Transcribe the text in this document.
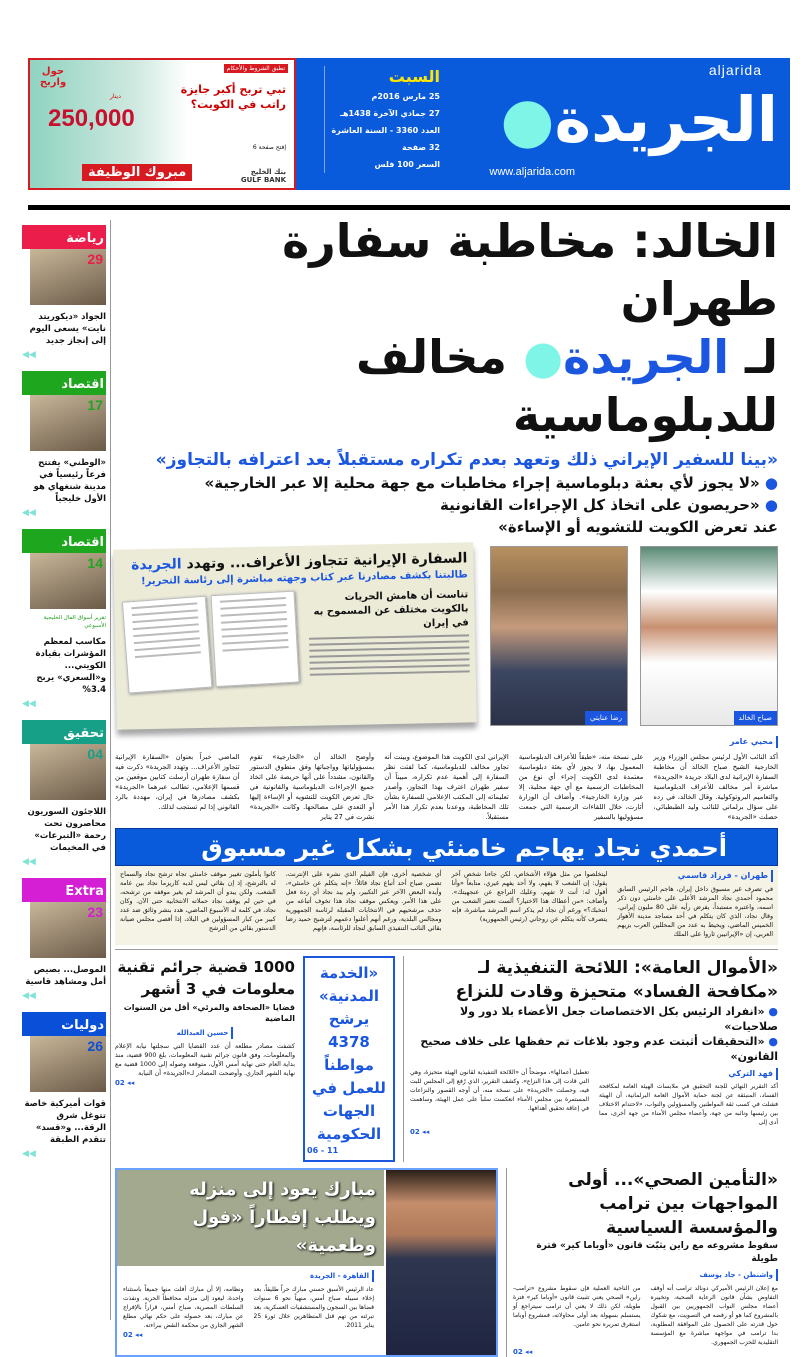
تطبق الشروط والأحكام
حول واربح
دينار
250,000
تبي تربح أكبر جايزة راتب في الكويت؟
إفتح صفحة 6
مبروك الوظيفة	بنك الخليج
GULF BANK
aljarida
الجريدة●
www.aljarida.com
السبت
25 مارس 2016م
27 جمادي الآخرة 1438هـ
العدد 3360 - السنة العاشرة
32 صفحة
السعر 100 فلس
رياضة
29
الجواد «ديكوريتد نايت» يسعى اليوم إلى إنجاز جديد
◀◀
اقتصاد
17
«الوطني» يفتتح فرعاً رئيسياً في مدينة شنغهاي هو الأول خليجياً
◀◀
اقتصاد
14
تقرير أسواق المال الخليجية الأسبوعي
مكاسب لمعظم المؤشرات بقيادة الكويتي... و«السعري» يربح 3.4%
◀◀
تحقيق
04
اللاجئون السوريون محاصرون تحت رحمة «التبرعات» في المخيمات
◀◀
Extra
23
الموصل... بصيص أمل ومشاهد قاسية
◀◀
دوليات
26
قوات أميركية خاصة تتوغل شرق الرقة... و«قسد» تتقدم الطبقة
◀◀
الخالد: مخاطبة سفارة طهران
لـ الجريدة● مخالف للدبلوماسية
«بينا للسفير الإيراني ذلك وتعهد بعدم تكراره مستقبلاً بعد اعترافه بالتجاوز»
● «لا يجوز لأي بعثة دبلوماسية إجراء مخاطبات مع جهة محلية إلا عبر الخارجية»
● «حريصون على اتخاذ كل الإجراءات القانونية
عند تعرض الكويت للتشويه أو الإساءة»
صباح الخالد
رضا عنايتي
السفارة الإيرانية تتجاوز الأعراف... وتهدد الجريدة
طالبتنا بكشف مصادرنا عبر كتاب وجهته مباشرة إلى رئاسة التحرير!
تناست أن هامش الحريات بالكويت مختلف عن المسموح به في إيران
محيي عامر

أكد النائب الأول لرئيس مجلس الوزراء وزير الخارجية الشيخ صباح الخالد أن مخاطبة السفارة الإيرانية لدى البلاد جريدة «الجريدة» مباشرة أمر مخالف للأعراف الدبلوماسية والتعاميم البروتوكولية. وقال الخالد، في رده على سؤال برلماني للنائب وليد الطبطبائي، حصلت «الجريدة»

على نسخة منه، «طبقاً للأعراف الدبلوماسية المعمول بها، لا يجوز لأي بعثة دبلوماسية معتمدة لدى الكويت إجراء أي نوع من المخاطبات الرسمية مع أي جهة محلية، إلا عبر وزارة الخارجية». وأضاف أن الوزارة أثارت، خلال اللقاءات الرسمية التي جمعت مسؤوليها بالسفير

الإيراني لدى الكويت هذا الموضوع، وبينت أنه تجاوز مخالف للدبلوماسية، كما لفتت نظر السفارة إلى أهمية عدم تكراره، مبيناً أن سفير طهران اعترف بهذا التجاوز، وأصدر تعليماته إلى المكتب الإعلامي للسفارة بشأن تلك المخاطبة، ووعدنا بعدم تكرار هذا الأمر مستقبلاً.

وأوضح الخالد أن «الخارجية» تقوم بمسؤولياتها وواجباتها وفق منطوق الدستور والقانون، مشدداً على أنها حريصة على اتخاذ جميع الإجراءات الدبلوماسية والقانونية في حال تعرض الكويت للتشويه أو الإساءة إليها أو التعدي على مصالحها. وكانت «الجريدة» نشرت في 27 يناير

الماضي خبراً بعنوان «السفارة الإيرانية تتجاوز الأعراف... وتهدد الجريدة» ذكرت فيه أن سفارة طهران أرسلت كتابين موقعين من قسمها الإعلامي، تطالب عبرهما «الجريدة» بكشف مصادرها في إيران، مهددة بالرد القانوني إذا لم تستجب لذلك.

أحمدي نجاد يهاجم خامنئي بشكل غير مسبوق
طهران - فرزاد قاسمي

في تصرف غير مسبوق داخل إيران، هاجم الرئيس السابق محمود أحمدي نجاد المرشد الأعلى علي خامنئي دون ذكر اسمه، واعتبره مستبداً، يفرض رأيه على 80 مليون إيراني. وقال نجاد، الذي كان يتكلم في أحد مساجد مدينة الأهواز الخميس الماضي، ويحيط به عدد من المحللين العرب بزيهم العربي، إن «الإيرانيين ثاروا على الملك

ليتخلصوا من مثل هؤلاء الأشخاص، لكن جاءنا شخص آخر يقول: إن الشعب لا يفهم، ولا أحد يفهم غيري، متابعاً «وأنا أقول له: أنت لا تفهم، وعليك التراجع عن عنجهيتك». وأضاف: «من أعطاك هذا الاختيار؟ ألست تعتبر الشعب من انتخبك؟» ورغم أن نجاد لم يذكر اسم المرشد مباشرة، فإنه يتصرف كأنه يتكلم عن روحاني (رئيس الجمهورية)

أي شخصية أخرى، فإن الفيلم الذي نشره على الإنترنت، تضمن صياح أحد أتباع نجاد قائلاً: «إنه يتكلم عن خامنئي»، وأيده البعض الآخر عبر التكبير، ولم يبد نجاد أي ردة فعل على هذا الأمر. ويعكس موقف نجاد هذا تخوف أتباعه من حذف مرشحيهم في الانتخابات المقبلة لرئاسة الجمهورية ومجالس البلدية، ورغم أنهم أعلنوا دعمهم لترشيح حميد رضا بقائي النائب التنفيذي السابق لنجاد للرئاسة، فإنهم

كانوا يأملون تغيير موقف خامنئي تجاه ترشح نجاد والسماح له بالترشح، إذ إن بقائي ليس لديه كاريزما نجاد بين عامة الشعب. ولكن يبدو أن المرشد لم يغير موقفه من ترشحه، في حين لم يوقف نجاد حملاته الانتخابية حتى الآن. وكان نجاد، في كلمة له الأسبوع الماضي، هدد بنشر وثائق ضد عدد كبير من كبار المسؤولين في البلاد، إذا أقصى مجلس صيانة الدستور بقائي من الترشح

«الأموال العامة»: اللائحة التنفيذية لـ «مكافحة الفساد» متحيزة وقادت للنزاع
● «انفراد الرئيس بكل الاختصاصات جعل الأعضاء بلا دور ولا صلاحيات»
● «التحقيقات أثبتت عدم وجود بلاغات تم حفظها على خلاف صحيح القانون»
فهد التركي

أكد التقرير النهائي للجنة التحقيق في ملابسات الهيئة العامة لمكافحة الفساد، المنبثقة عن لجنة حماية الأموال العامة البرلمانية، أن الهيئة فشلت في كسب ثقة المواطنين والمسؤولين والنواب، «لاحتدام الاختلاف بين رئيسها ونائبه من جهة، وأعضاء مجلس الأمناء من جهة أخرى، مما أدى إلى

تعطيل أعمالها»، موضحاً أن «اللائحة التنفيذية لقانون الهيئة متحيزة، وهي التي قادت إلى هذا النزاع». وكشف التقرير، الذي رُفع إلى المجلس للبت فيه، وحصلت «الجريدة» على نسخة منه، أن أوجه القصور والنزاعات المستمرة بين مجلس الأمناء انعكست سلباً على عمل الهيئة، وساهمت في إعاقة تحقيق أهدافها.

◂◂ 02
«الخدمة المدنية» يرشح 4378 مواطناً للعمل في الجهات الحكومية
11 - 06
1000 قضية جرائم تقنية معلومات في 3 أشهر
قضايا «الصحافة والمرئي» أقل من السنوات الماضية
حسين العبدالله
كشفت مصادر مطلعة أن عدد القضايا التي سجلتها نيابة الإعلام والمعلومات، وفق قانون جرائم تقنية المعلومات، بلغ 900 قضية، منذ بداية العام حتى نهاية أمس الأول، متوقعة وصوله إلى 1000 قضية مع نهاية الشهر الجاري. وأوضحت المصادر لـ«الجريدة» أن النيابة
◂◂ 02
«التأمين الصحي»... أولى المواجهات بين ترامب والمؤسسة السياسية
سقوط مشروعه مع راين يثبّت قانون «أوباما كير» فترة طويلة
واشنطن - جاد يوسف

مع إعلان الرئيس الأميركي دونالد ترامب أنه أوقف التفاوض بشأن قانون الرعاية الصحية، وتخييره أعضاء مجلس النواب الجمهوريين بين القبول بالمشروع كما هو أو رفضه في التصويت، مع شكوك حول قدرته على الحصول على الموافقة المطلوبة، بدا ترامب في مواجهة مباشرة مع المؤسسة التقليدية للحزب الجمهوري.

من الناحية العملية فإن سقوط مشروع «ترامب- راين» الصحي يعني تثبيت قانون «أوباما كير» فترة طويلة، لكن ذلك لا يعني أن ترامب سيتراجع أو يستسلم بسهولة بعد أولى محاولاته، فمشروع أوباما استغرق تمريره نحو عامين.

◂◂ 02
مبارك يعود إلى منزله ويطلب إفطاراً «فول وطعمية»
القاهرة - الجريدة

عاد الرئيس الأسبق حسني مبارك حراً طليقاً، بعد إخلاء سبيله صباح أمس، منهياً نحو 6 سنوات قضاها بين السجون والمستشفيات العسكرية، بعد تبرئته من تهم قتل المتظاهرين خلال ثورة 25 يناير 2011.

ونظامه، إلا أن مبارك أفلت منها جميعاً باستثناء واحدة، ليعود إلى منزله محافظاً الحرية. ونفذت السلطات المصرية، صباح أمس، قراراً بالإفراج عن مبارك، بعد حصوله على حكم نهائي مطلع الشهر الجاري من محكمة النقض ببراءته.

◂◂ 02
